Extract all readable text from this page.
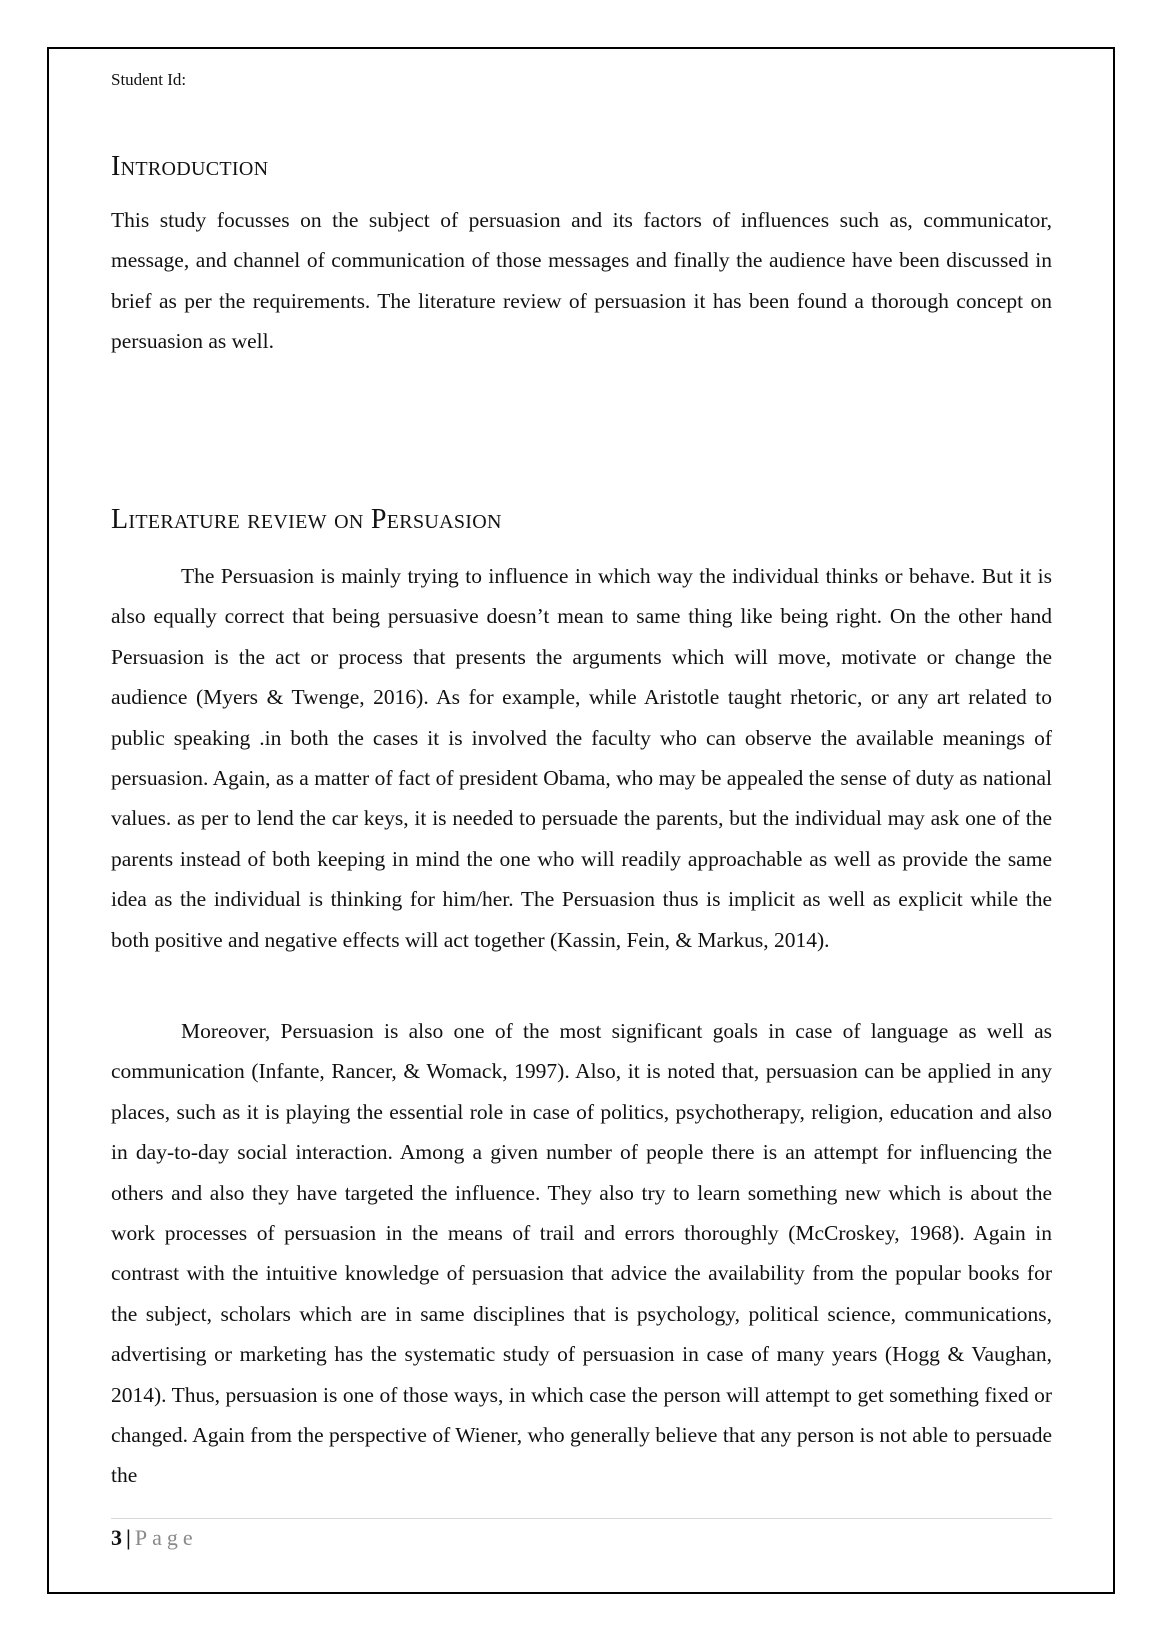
Student Id:
Introduction

This study focusses on the subject of persuasion and its factors of influences such as, communicator, message, and channel of communication of those messages and finally the audience have been discussed in brief as per the requirements. The literature review of persuasion it has been found a thorough concept on persuasion as well.

Literature review on Persuasion

The Persuasion is mainly trying to influence in which way the individual thinks or behave. But it is also equally correct that being persuasive doesn’t mean to same thing like being right. On the other hand Persuasion is the act or process that presents the arguments which will move, motivate or change the audience (Myers & Twenge, 2016). As for example, while Aristotle taught rhetoric, or any art related to public speaking .in both the cases it is involved the faculty who can observe the available meanings of persuasion. Again, as a matter of fact of president Obama, who may be appealed the sense of duty as national values. as per to lend the car keys, it is needed to persuade the parents, but the individual may ask one of the parents instead of both keeping in mind the one who will readily approachable as well as provide the same idea as the individual is thinking for him/her. The Persuasion thus is implicit as well as explicit while the both positive and negative effects will act together (Kassin, Fein, & Markus, 2014).

Moreover, Persuasion is also one of the most significant goals in case of language as well as communication (Infante, Rancer, & Womack, 1997). Also, it is noted that, persuasion can be applied in any places, such as it is playing the essential role in case of politics, psychotherapy, religion, education and also in day-to-day social interaction. Among a given number of people there is an attempt for influencing the others and also they have targeted the influence. They also try to learn something new which is about the work processes of persuasion in the means of trail and errors thoroughly (McCroskey, 1968). Again in contrast with the intuitive knowledge of persuasion that advice the availability from the popular books for the subject, scholars which are in same disciplines that is psychology, political science, communications, advertising or marketing has the systematic study of persuasion in case of many years (Hogg & Vaughan, 2014). Thus, persuasion is one of those ways, in which case the person will attempt to get something fixed or changed. Again from the perspective of Wiener, who generally believe that any person is not able to persuade the

3 | Page
